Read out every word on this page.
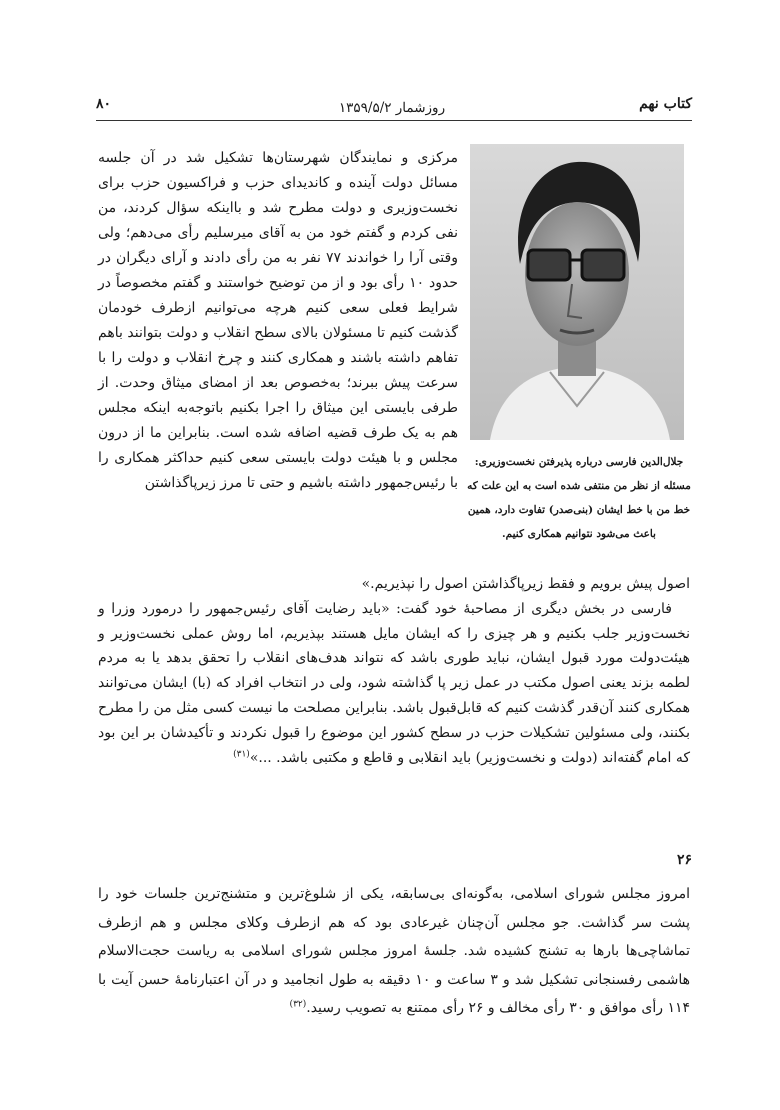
کتاب نهم
روزشمار ۱۳۵۹/۵/۲
۸۰
جلال‌الدین فارسی درباره پذیرفتن نخست‌وزیری: مسئله از نظر من منتفی شده است به این علت که خط من با خط ایشان (بنی‌صدر) تفاوت دارد، همین باعث می‌شود نتوانیم همکاری کنیم.

مرکزی و نمایندگان شهرستان‌ها تشکیل شد در آن جلسه مسائل دولت آینده و کاندیدای حزب و فراکسیون حزب برای نخست‌وزیری و دولت مطرح شد و بااینکه سؤال کردند، من نفی کردم و گفتم خود من به آقای میرسلیم رأی می‌دهم؛ ولی وقتی آرا را خواندند ۷۷ نفر به من رأی دادند و آرای دیگران در حدود ۱۰ رأی بود و از من توضیح خواستند و گفتم مخصوصاً در شرایط فعلی سعی کنیم هرچه می‌توانیم ازطرف خودمان گذشت کنیم تا مسئولان بالای سطح انقلاب و دولت بتوانند باهم تفاهم داشته باشند و همکاری کنند و چرخ انقلاب و دولت را با سرعت پیش ببرند؛ به‌خصوص بعد از امضای میثاق وحدت. از طرفی بایستی این میثاق را اجرا بکنیم باتوجه‌به اینکه مجلس هم به یک طرف قضیه اضافه شده است. بنابراین ما از درون مجلس و با هیئت دولت بایستی سعی کنیم حداکثر همکاری را با رئیس‌جمهور داشته باشیم و حتی تا مرز زیرپاگذاشتن

اصول پیش برویم و فقط زیرپاگذاشتن اصول را نپذیریم.»

فارسی در بخش دیگری از مصاحبهٔ خود گفت: «باید رضایت آقای رئیس‌جمهور را درمورد وزرا و نخست‌وزیر جلب بکنیم و هر چیزی را که ایشان مایل هستند بپذیریم، اما روش عملی نخست‌وزیر و هیئت‌دولت مورد قبول ایشان، نباید طوری باشد که نتواند هدف‌های انقلاب را تحقق بدهد یا به مردم لطمه بزند یعنی اصول مکتب در عمل زیر پا گذاشته شود، ولی در انتخاب افراد که (با) ایشان می‌توانند همکاری کنند آن‌قدر گذشت کنیم که قابل‌قبول باشد. بنابراین مصلحت ما نیست کسی مثل من را مطرح بکنند، ولی مسئولین تشکیلات حزب در سطح کشور این موضوع را قبول نکردند و تأکیدشان بر این بود که امام گفته‌اند (دولت و نخست‌وزیر) باید انقلابی و قاطع و مکتبی باشد. ...»$^{(۳۱)}$

۲۶

امروز مجلس شورای اسلامی، به‌گونه‌ای بی‌سابقه، یکی از شلوغ‌ترین و متشنج‌ترین جلسات خود را پشت سر گذاشت. جو مجلس آن‌چنان غیرعادی بود که هم ازطرف وکلای مجلس و هم ازطرف تماشاچی‌ها بارها به تشنج کشیده شد. جلسهٔ امروز مجلس شورای اسلامی به ریاست حجت‌الاسلام هاشمی رفسنجانی تشکیل شد و ۳ ساعت و ۱۰ دقیقه به طول انجامید و در آن اعتبارنامهٔ حسن آیت با ۱۱۴ رأی موافق و ۳۰ رأی مخالف و ۲۶ رأی ممتنع به تصویب رسید.$^{(۳۲)}$
